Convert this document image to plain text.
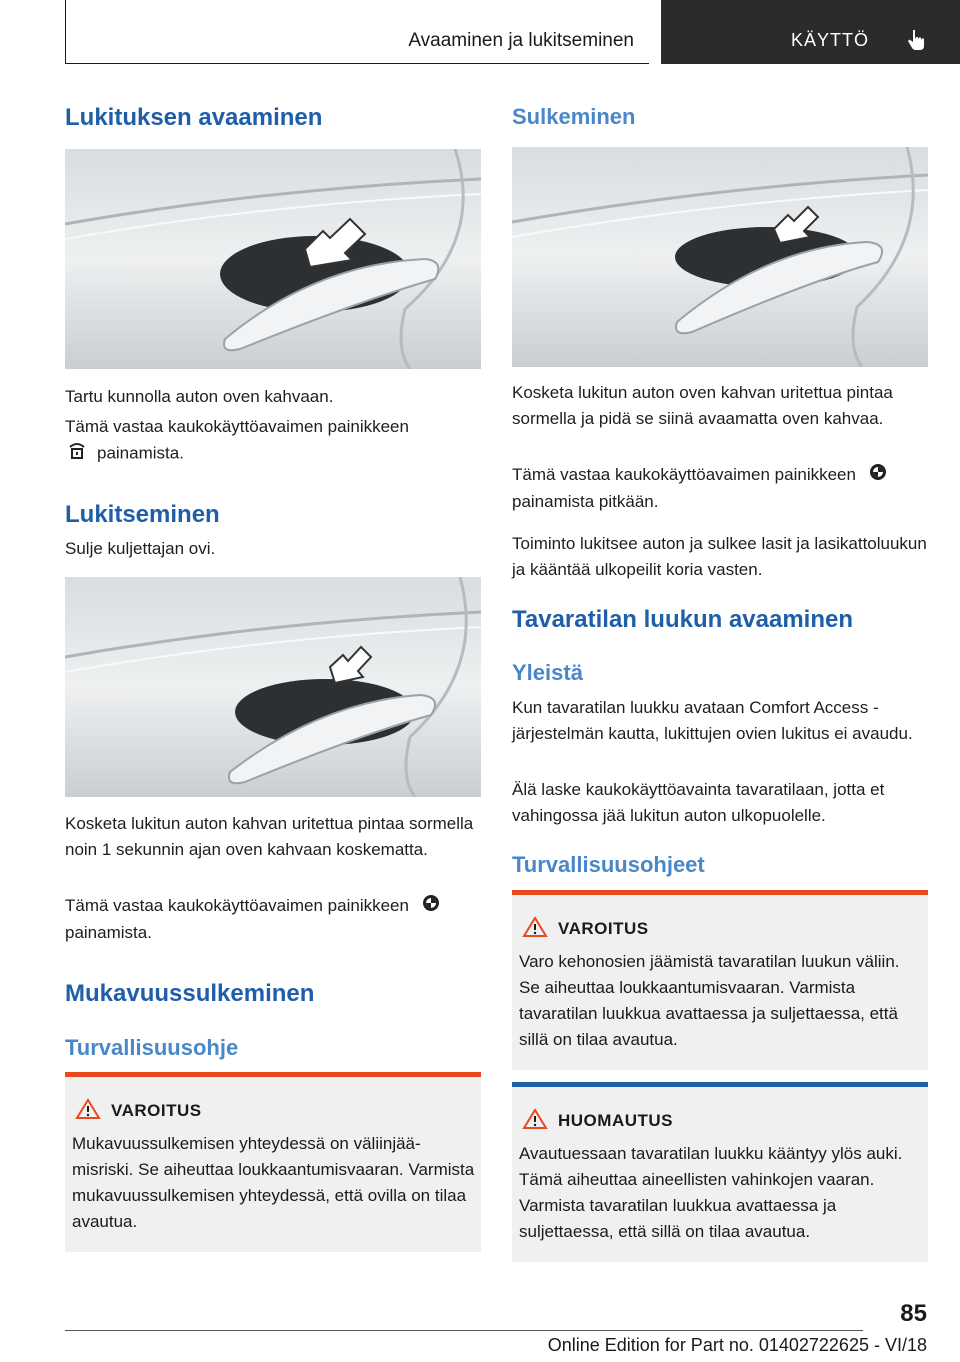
Avaaminen ja lukitseminen	KÄYTTÖ
Lukituksen avaaminen
Tartu kunnolla auton oven kahvaan.
Tämä vastaa kaukokäyttöavaimen painikkeen
painamista.
Lukitseminen
Sulje kuljettajan ovi.
Kosketa lukitun auton kahvan uritettua pintaa sormella noin 1 sekunnin ajan oven kahvaan koskematta.
Tämä vastaa kaukokäyttöavaimen painikkeen
painamista.
Mukavuussulkeminen
Turvallisuusohje
VAROITUS
Mukavuussulkemisen yhteydessä on väliinjäämisriski. Se aiheuttaa loukkaantumisvaaran. Varmista mukavuussulkemisen yhteydessä, että ovilla on tilaa avautua.
Sulkeminen
Kosketa lukitun auton oven kahvan uritettua pintaa sormella ja pidä se siinä avaamatta oven kahvaa.
Tämä vastaa kaukokäyttöavaimen painikkeen
painamista pitkään.
Toiminto lukitsee auton ja sulkee lasit ja lasikattoluukun ja kääntää ulkopeilit koria vasten.
Tavaratilan luukun avaaminen
Yleistä
Kun tavaratilan luukku avataan Comfort Access -järjestelmän kautta, lukittujen ovien lukitus ei avaudu.
Älä laske kaukokäyttöavainta tavaratilaan, jotta et vahingossa jää lukitun auton ulkopuolelle.
Turvallisuusohjeet
VAROITUS
Varo kehonosien jäämistä tavaratilan luukun väliin. Se aiheuttaa loukkaantumisvaaran. Varmista tavaratilan luukkua avattaessa ja suljettaessa, että sillä on tilaa avautua.
HUOMAUTUS
Avautuessaan tavaratilan luukku kääntyy ylös auki. Tämä aiheuttaa aineellisten vahinkojen vaaran. Varmista tavaratilan luukkua avattaessa ja suljettaessa, että sillä on tilaa avautua.
85
Online Edition for Part no. 01402722625 - VI/18
